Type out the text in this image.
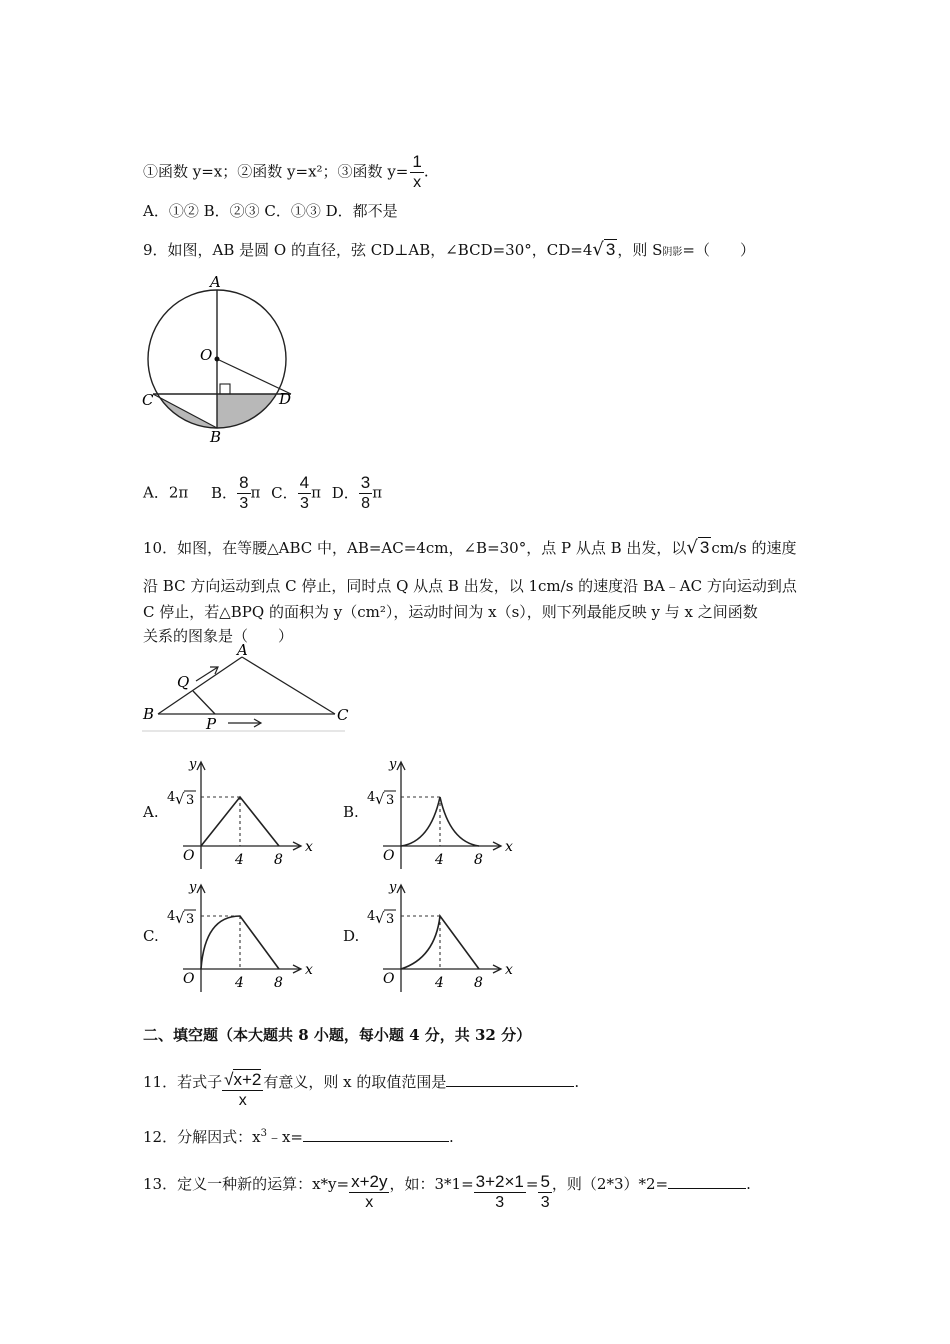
①函数 y=x；②函数 y=x²；③函数 $y= \frac{1}{x}$ .
A．①② B．②③ C．①③ D．都不是
9．如图，AB 是圆 O 的直径，弦 CD⊥AB，∠BCD=30°，CD=4√ 3 ，则 S阴影=（　　）
A
O
C	D
B
A．2π B． $\frac{8}{3}$ π C． $\frac{4}{3}$ π D． $\frac{3}{8}$ π
10．如图，在等腰△ABC 中，AB=AC=4cm，∠B=30°，点 P 从点 B 出发，以√ 3 cm/s 的速度
沿 BC 方向运动到点 C 停止，同时点 Q 从点 B 出发，以 1cm/s 的速度沿 BA﹣AC 方向运动到点
C 停止，若△BPQ 的面积为 y（cm²），运动时间为 x（s），则下列最能反映 y 与 x 之间函数
关系的图象是（　　）
A
Q
B
P	C
A.	B.
C.	D.
y
x
O	4 8
4 √ 3
y
x
O	4 8
4 √ 3
y
x
O	4 8
4 √ 3
y
x
O	4 8
4 √ 3
二、填空题（本大题共 8 小题，每小题 4 分，共 32 分）
11．若式子 $\frac{√x+2}{x}$ 有意义，则 x 的取值范围是	.
12．分解因式：$x^3﹣x=$	.
13．定义一种新的运算：$x*y= \frac{x+2y}{x}$ ，如：$3*1= \frac{3+2\times 1}{3} = \frac{5}{3}$ ，则（2*3）*2=	.
